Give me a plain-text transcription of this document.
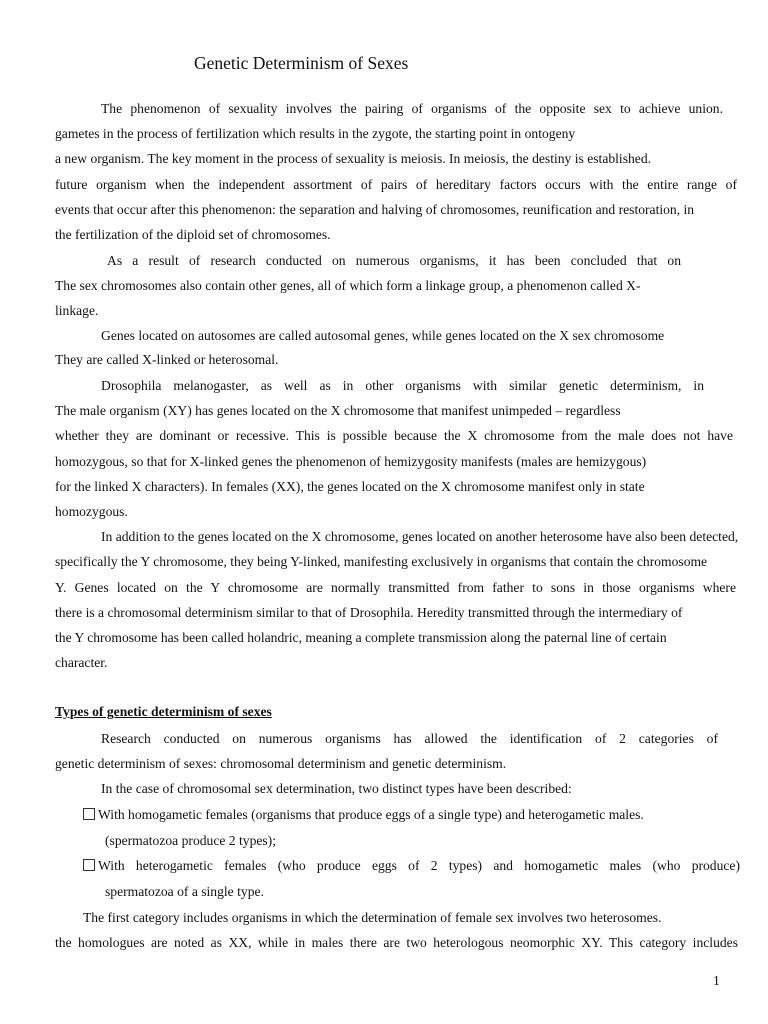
Genetic Determinism of Sexes
The phenomenon of sexuality involves the pairing of organisms of the opposite sex to achieve union.
gametes in the process of fertilization which results in the zygote, the starting point in ontogeny
a new organism. The key moment in the process of sexuality is meiosis. In meiosis, the destiny is established.
future organism when the independent assortment of pairs of hereditary factors occurs with the entire range of
events that occur after this phenomenon: the separation and halving of chromosomes, reunification and restoration, in
the fertilization of the diploid set of chromosomes.
As a result of research conducted on numerous organisms, it has been concluded that on
The sex chromosomes also contain other genes, all of which form a linkage group, a phenomenon called X-
linkage.
Genes located on autosomes are called autosomal genes, while genes located on the X sex chromosome
They are called X-linked or heterosomal.
Drosophila melanogaster, as well as in other organisms with similar genetic determinism, in
The male organism (XY) has genes located on the X chromosome that manifest unimpeded – regardless
whether they are dominant or recessive. This is possible because the X chromosome from the male does not have
homozygous, so that for X-linked genes the phenomenon of hemizygosity manifests (males are hemizygous)
for the linked X characters). In females (XX), the genes located on the X chromosome manifest only in state
homozygous.
In addition to the genes located on the X chromosome, genes located on another heterosome have also been detected,
specifically the Y chromosome, they being Y-linked, manifesting exclusively in organisms that contain the chromosome
Y. Genes located on the Y chromosome are normally transmitted from father to sons in those organisms where
there is a chromosomal determinism similar to that of Drosophila. Heredity transmitted through the intermediary of
the Y chromosome has been called holandric, meaning a complete transmission along the paternal line of certain
character.
Types of genetic determinism of sexes
Research conducted on numerous organisms has allowed the identification of 2 categories of
genetic determinism of sexes: chromosomal determinism and genetic determinism.
In the case of chromosomal sex determination, two distinct types have been described:
With homogametic females (organisms that produce eggs of a single type) and heterogametic males.
(spermatozoa produce 2 types);
With heterogametic females (who produce eggs of 2 types) and homogametic males (who produce)
spermatozoa of a single type.
The first category includes organisms in which the determination of female sex involves two heterosomes.
the homologues are noted as XX, while in males there are two heterologous neomorphic XY. This category includes
1
